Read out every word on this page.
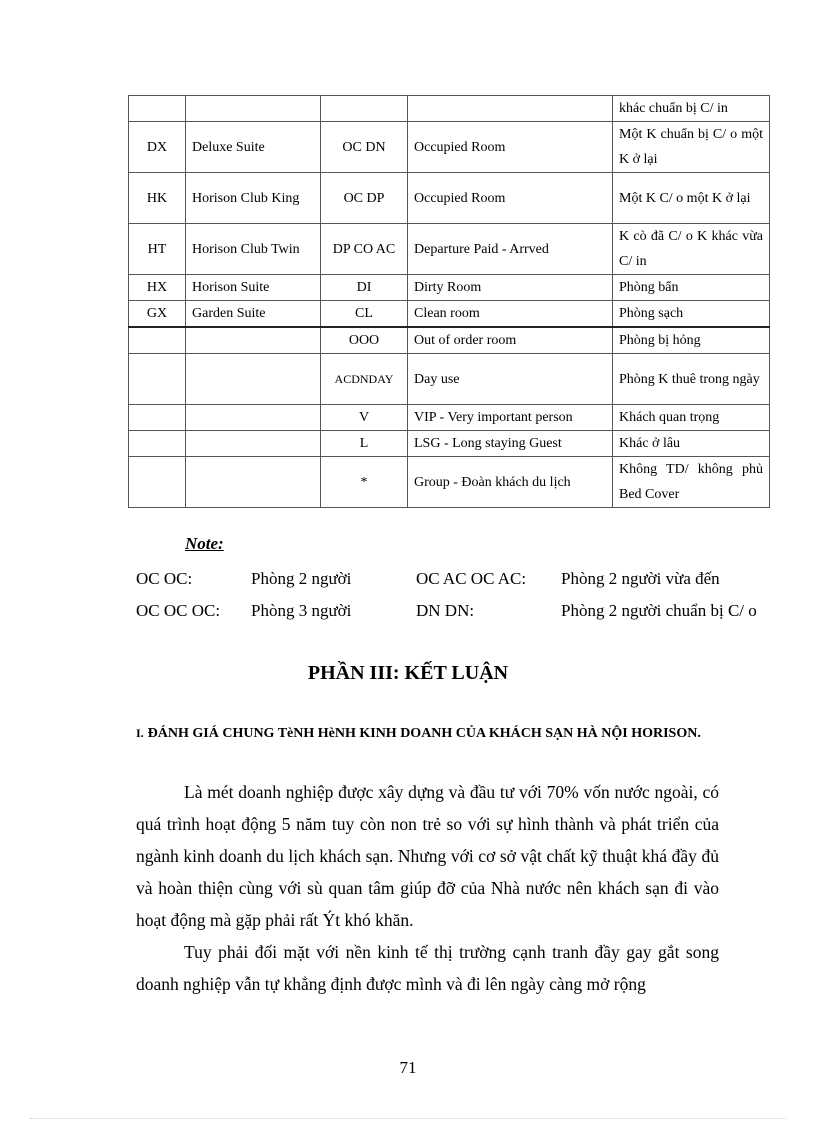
				khác chuẩn bị C/ in
DX	Deluxe Suite	OC DN	Occupied Room	Một K chuẩn bị C/ o một K ở lại
HK	Horison Club King	OC DP	Occupied Room	Một K C/ o một K ở lại
HT	Horison Club Twin	DP CO AC	Departure Paid - Arrved	K cò đã C/ o K khác vừa C/ in
HX	Horison Suite	DI	Dirty Room	Phòng bẩn
GX	Garden Suite	CL	Clean room	Phòng sạch
		OOO	Out of order room	Phòng bị hỏng
		ACDNDAY	Day use	Phòng K thuê trong ngày
		V	VIP - Very important person	Khách quan trọng
		L	LSG - Long staying Guest	Khác ở lâu
		*	Group - Đoàn khách du lịch	Không TD/ không phủ Bed Cover
Note:
OC OC:	Phòng 2 người	OC AC OC AC: Phòng 2 người vừa đến
OC OC OC: Phòng 3 người	DN DN:	Phòng 2 người chuẩn bị C/ o
PHẦN III: KẾT LUẬN
I. ĐÁNH GIÁ CHUNG TèNH HèNH KINH DOANH CỦA KHÁCH SẠN HÀ NỘI HORISON.

Là mét doanh nghiệp được xây dựng và đầu tư với 70% vốn nước ngoài, có quá trình hoạt động 5 năm tuy còn non trẻ so với sự hình thành và phát triển của ngành kinh doanh du lịch khách sạn. Nhưng với cơ sở vật chất kỹ thuật khá đầy đủ và hoàn thiện cùng với sù quan tâm giúp đỡ của Nhà nước nên khách sạn đi vào hoạt động mà gặp phải rất Ýt khó khăn.

Tuy phải đối mặt với nền kinh tế thị trường cạnh tranh đầy gay gắt song doanh nghiệp vẫn tự khẳng định được mình và đi lên ngày càng mở rộng

71
